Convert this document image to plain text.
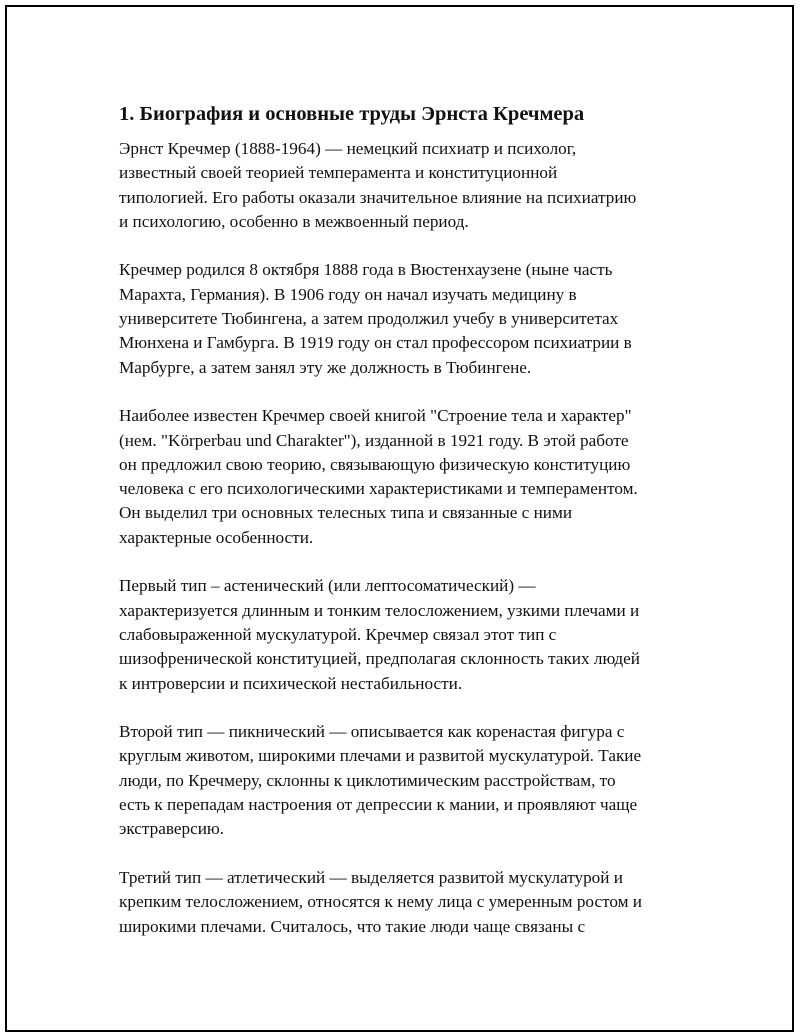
1. Биография и основные труды Эрнста Кречмера

Эрнст Кречмер (1888-1964) — немецкий психиатр и психолог,
известный своей теорией темперамента и конституционной
типологией. Его работы оказали значительное влияние на психиатрию
и психологию, особенно в межвоенный период.

Кречмер родился 8 октября 1888 года в Вюстенхаузене (ныне часть
Марахта, Германия). В 1906 году он начал изучать медицину в
университете Тюбингена, а затем продолжил учебу в университетах
Мюнхена и Гамбурга. В 1919 году он стал профессором психиатрии в
Марбурге, а затем занял эту же должность в Тюбингене.

Наиболее известен Кречмер своей книгой "Строение тела и характер"
(нем. "Körperbau und Charakter"), изданной в 1921 году. В этой работе
он предложил свою теорию, связывающую физическую конституцию
человека с его психологическими характеристиками и темпераментом.
Он выделил три основных телесных типа и связанные с ними
характерные особенности.

Первый тип – астенический (или лептосоматический) —
характеризуется длинным и тонким телосложением, узкими плечами и
слабовыраженной мускулатурой. Кречмер связал этот тип с
шизофренической конституцией, предполагая склонность таких людей
к интроверсии и психической нестабильности.

Второй тип — пикнический — описывается как коренастая фигура с
круглым животом, широкими плечами и развитой мускулатурой. Такие
люди, по Кречмеру, склонны к циклотимическим расстройствам, то
есть к перепадам настроения от депрессии к мании, и проявляют чаще
экстраверсию.

Третий тип — атлетический — выделяется развитой мускулатурой и
крепким телосложением, относятся к нему лица с умеренным ростом и
широкими плечами. Считалось, что такие люди чаще связаны с
